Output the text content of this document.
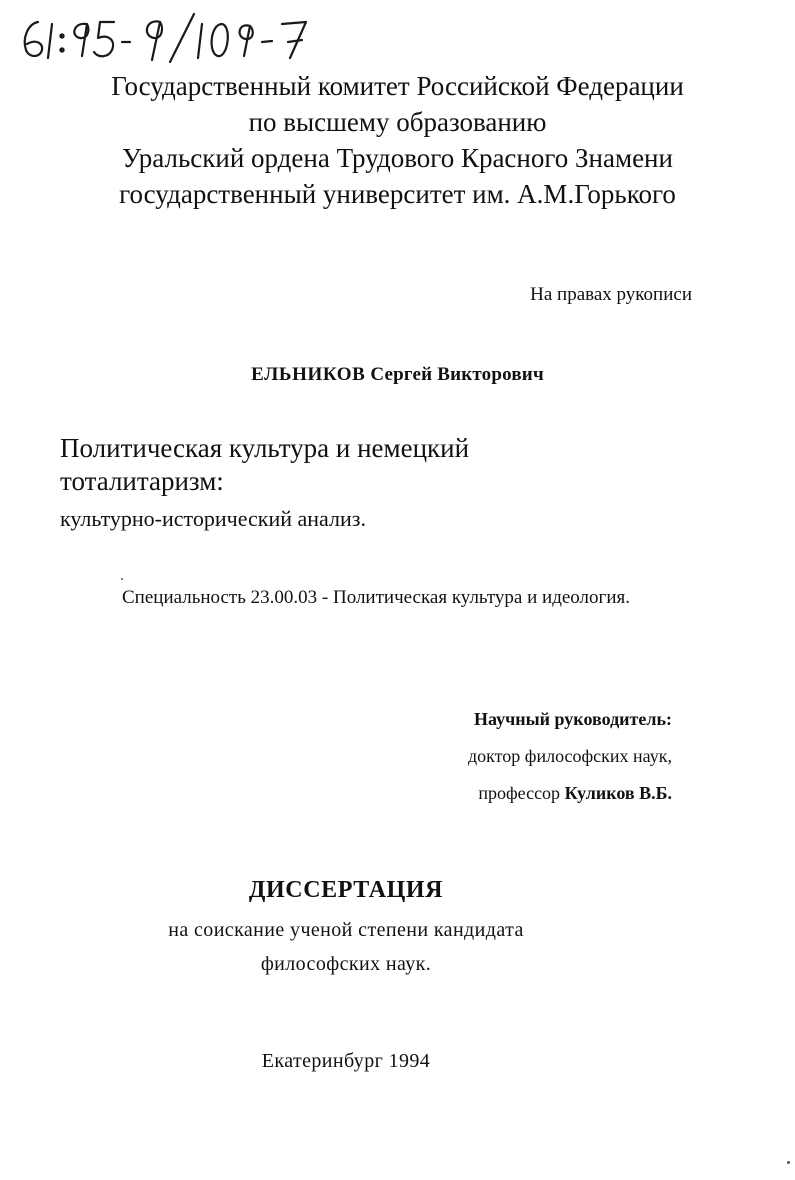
Государственный комитет Российской Федерации
по высшему образованию
Уральский ордена Трудового Красного Знамени
государственный университет им. А.М.Горького
На правах рукописи
ЕЛЬНИКОВ Сергей Викторович
Политическая культура и немецкий
тоталитаризм:
культурно-исторический анализ.
Специальность 23.00.03 - Политическая культура и идеология.
Научный руководитель:
доктор философских наук,
профессор Куликов В.Б.
ДИССЕРТАЦИЯ
на соискание ученой степени кандидата
философских наук.
Екатеринбург 1994
